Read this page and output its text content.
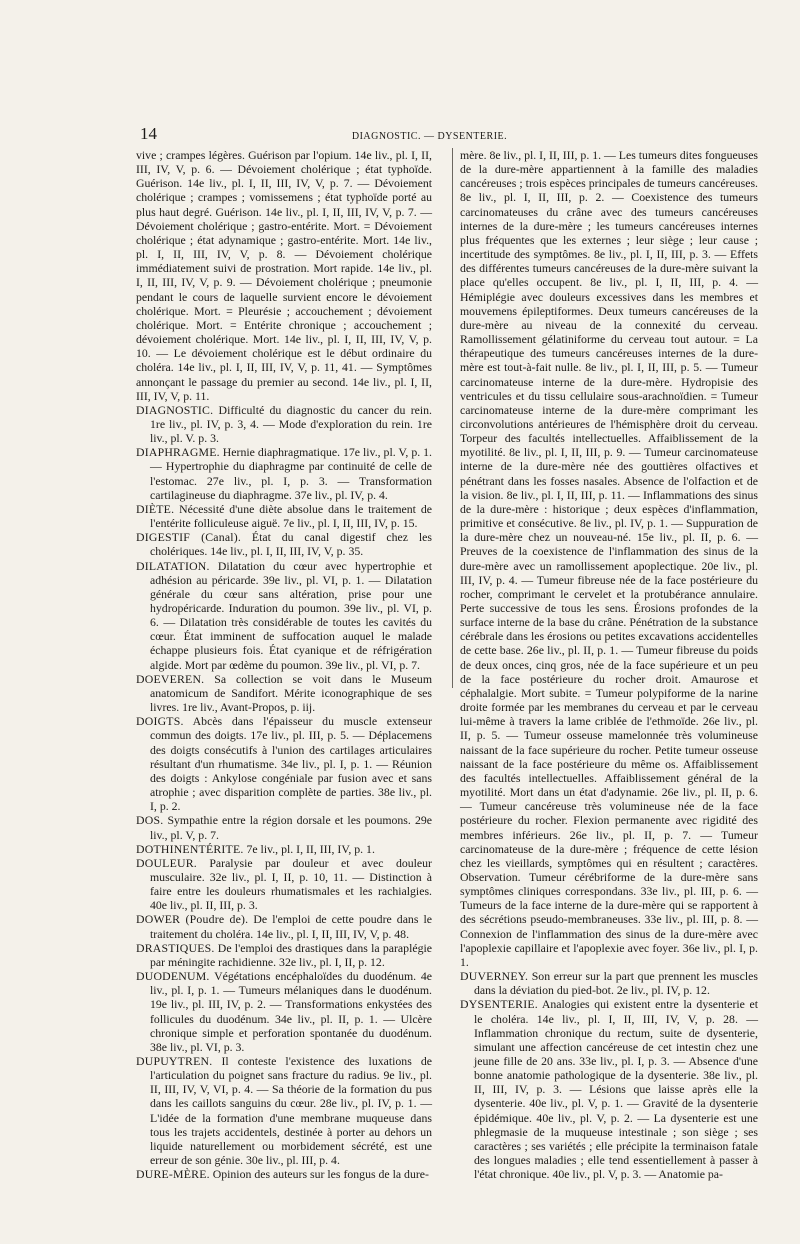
14	DIAGNOSTIC. — DYSENTERIE.

vive ; crampes légères. Guérison par l'opium. 14e liv., pl. I, II, III, IV, V, p. 6. — Dévoiement cholérique ; état typhoïde. Guérison. 14e liv., pl. I, II, III, IV, V, p. 7. — Dévoiement cholérique ; crampes ; vomissemens ; état typhoïde porté au plus haut degré. Guérison. 14e liv., pl. I, II, III, IV, V, p. 7. — Dévoiement cholérique ; gastro-entérite. Mort. = Dévoiement cholérique ; état adynamique ; gastro-entérite. Mort. 14e liv., pl. I, II, III, IV, V, p. 8. — Dévoiement cholérique immédiatement suivi de prostration. Mort rapide. 14e liv., pl. I, II, III, IV, V, p. 9. — Dévoiement cholérique ; pneumonie pendant le cours de laquelle survient encore le dévoiement cholérique. Mort. = Pleurésie ; accouchement ; dévoiement cholérique. Mort. = Entérite chronique ; accouchement ; dévoiement cholérique. Mort. 14e liv., pl. I, II, III, IV, V, p. 10. — Le dévoiement cholérique est le début ordinaire du choléra. 14e liv., pl. I, II, III, IV, V, p. 11, 41. — Symptômes annonçant le passage du premier au second. 14e liv., pl. I, II, III, IV, V, p. 11.

DIAGNOSTIC. Difficulté du diagnostic du cancer du rein. 1re liv., pl. IV, p. 3, 4. — Mode d'exploration du rein. 1re liv., pl. V. p. 3.

DIAPHRAGME. Hernie diaphragmatique. 17e liv., pl. V, p. 1. — Hypertrophie du diaphragme par continuité de celle de l'estomac. 27e liv., pl. I, p. 3. — Transformation cartilagineuse du diaphragme. 37e liv., pl. IV, p. 4.

DIÈTE. Nécessité d'une diète absolue dans le traitement de l'entérite folliculeuse aiguë. 7e liv., pl. I, II, III, IV, p. 15.

DIGESTIF (Canal). État du canal digestif chez les cholériques. 14e liv., pl. I, II, III, IV, V, p. 35.

DILATATION. Dilatation du cœur avec hypertrophie et adhésion au péricarde. 39e liv., pl. VI, p. 1. — Dilatation générale du cœur sans altération, prise pour une hydropéricarde. Induration du poumon. 39e liv., pl. VI, p. 6. — Dilatation très considérable de toutes les cavités du cœur. État imminent de suffocation auquel le malade échappe plusieurs fois. État cyanique et de réfrigération algide. Mort par œdème du poumon. 39e liv., pl. VI, p. 7.

DOEVEREN. Sa collection se voit dans le Museum anatomicum de Sandifort. Mérite iconographique de ses livres. 1re liv., Avant-Propos, p. iij.

DOIGTS. Abcès dans l'épaisseur du muscle extenseur commun des doigts. 17e liv., pl. III, p. 5. — Déplacemens des doigts consécutifs à l'union des cartilages articulaires résultant d'un rhumatisme. 34e liv., pl. I, p. 1. — Réunion des doigts : Ankylose congéniale par fusion avec et sans atrophie ; avec disparition complète de parties. 38e liv., pl. I, p. 2.

DOS. Sympathie entre la région dorsale et les poumons. 29e liv., pl. V, p. 7.

DOTHINENTÉRITE. 7e liv., pl. I, II, III, IV, p. 1.

DOULEUR. Paralysie par douleur et avec douleur musculaire. 32e liv., pl. I, II, p. 10, 11. — Distinction à faire entre les douleurs rhumatismales et les rachialgies. 40e liv., pl. II, III, p. 3.

DOWER (Poudre de). De l'emploi de cette poudre dans le traitement du choléra. 14e liv., pl. I, II, III, IV, V, p. 48.

DRASTIQUES. De l'emploi des drastiques dans la paraplégie par méningite rachidienne. 32e liv., pl. I, II, p. 12.

DUODENUM. Végétations encéphaloïdes du duodénum. 4e liv., pl. I, p. 1. — Tumeurs mélaniques dans le duodénum. 19e liv., pl. III, IV, p. 2. — Transformations enkystées des follicules du duodénum. 34e liv., pl. II, p. 1. — Ulcère chronique simple et perforation spontanée du duodénum. 38e liv., pl. VI, p. 3.

DUPUYTREN. Il conteste l'existence des luxations de l'articulation du poignet sans fracture du radius. 9e liv., pl. II, III, IV, V, VI, p. 4. — Sa théorie de la formation du pus dans les caillots sanguins du cœur. 28e liv., pl. IV, p. 1. — L'idée de la formation d'une membrane muqueuse dans tous les trajets accidentels, destinée à porter au dehors un liquide naturellement ou morbidement sécrété, est une erreur de son génie. 30e liv., pl. III, p. 4.

DURE-MÈRE. Opinion des auteurs sur les fongus de la dure-

mère. 8e liv., pl. I, II, III, p. 1. — Les tumeurs dites fongueuses de la dure-mère appartiennent à la famille des maladies cancéreuses ; trois espèces principales de tumeurs cancéreuses. 8e liv., pl. I, II, III, p. 2. — Coexistence des tumeurs carcinomateuses du crâne avec des tumeurs cancéreuses internes de la dure-mère ; les tumeurs cancéreuses internes plus fréquentes que les externes ; leur siège ; leur cause ; incertitude des symptômes. 8e liv., pl. I, II, III, p. 3. — Effets des différentes tumeurs cancéreuses de la dure-mère suivant la place qu'elles occupent. 8e liv., pl. I, II, III, p. 4. — Hémiplégie avec douleurs excessives dans les membres et mouvemens épileptiformes. Deux tumeurs cancéreuses de la dure-mère au niveau de la connexité du cerveau. Ramollissement gélatiniforme du cerveau tout autour. = La thérapeutique des tumeurs cancéreuses internes de la dure-mère est tout-à-fait nulle. 8e liv., pl. I, II, III, p. 5. — Tumeur carcinomateuse interne de la dure-mère. Hydropisie des ventricules et du tissu cellulaire sous-arachnoïdien. = Tumeur carcinomateuse interne de la dure-mère comprimant les circonvolutions antérieures de l'hémisphère droit du cerveau. Torpeur des facultés intellectuelles. Affaiblissement de la myotilité. 8e liv., pl. I, II, III, p. 9. — Tumeur carcinomateuse interne de la dure-mère née des gouttières olfactives et pénétrant dans les fosses nasales. Absence de l'olfaction et de la vision. 8e liv., pl. I, II, III, p. 11. — Inflammations des sinus de la dure-mère : historique ; deux espèces d'inflammation, primitive et consécutive. 8e liv., pl. IV, p. 1. — Suppuration de la dure-mère chez un nouveau-né. 15e liv., pl. II, p. 6. — Preuves de la coexistence de l'inflammation des sinus de la dure-mère avec un ramollissement apoplectique. 20e liv., pl. III, IV, p. 4. — Tumeur fibreuse née de la face postérieure du rocher, comprimant le cervelet et la protubérance annulaire. Perte successive de tous les sens. Érosions profondes de la surface interne de la base du crâne. Pénétration de la substance cérébrale dans les érosions ou petites excavations accidentelles de cette base. 26e liv., pl. II, p. 1. — Tumeur fibreuse du poids de deux onces, cinq gros, née de la face supérieure et un peu de la face postérieure du rocher droit. Amaurose et céphalalgie. Mort subite. = Tumeur polypiforme de la narine droite formée par les membranes du cerveau et par le cerveau lui-même à travers la lame criblée de l'ethmoïde. 26e liv., pl. II, p. 5. — Tumeur osseuse mamelonnée très volumineuse naissant de la face supérieure du rocher. Petite tumeur osseuse naissant de la face postérieure du même os. Affaiblissement des facultés intellectuelles. Affaiblissement général de la myotilité. Mort dans un état d'adynamie. 26e liv., pl. II, p. 6. — Tumeur cancéreuse très volumineuse née de la face postérieure du rocher. Flexion permanente avec rigidité des membres inférieurs. 26e liv., pl. II, p. 7. — Tumeur carcinomateuse de la dure-mère ; fréquence de cette lésion chez les vieillards, symptômes qui en résultent ; caractères. Observation. Tumeur cérébriforme de la dure-mère sans symptômes cliniques correspondans. 33e liv., pl. III, p. 6. — Tumeurs de la face interne de la dure-mère qui se rapportent à des sécrétions pseudo-membraneuses. 33e liv., pl. III, p. 8. — Connexion de l'inflammation des sinus de la dure-mère avec l'apoplexie capillaire et l'apoplexie avec foyer. 36e liv., pl. I, p. 1.

DUVERNEY. Son erreur sur la part que prennent les muscles dans la déviation du pied-bot. 2e liv., pl. IV, p. 12.

DYSENTERIE. Analogies qui existent entre la dysenterie et le choléra. 14e liv., pl. I, II, III, IV, V, p. 28. — Inflammation chronique du rectum, suite de dysenterie, simulant une affection cancéreuse de cet intestin chez une jeune fille de 20 ans. 33e liv., pl. I, p. 3. — Absence d'une bonne anatomie pathologique de la dysenterie. 38e liv., pl. II, III, IV, p. 3. — Lésions que laisse après elle la dysenterie. 40e liv., pl. V, p. 1. — Gravité de la dysenterie épidémique. 40e liv., pl. V, p. 2. — La dysenterie est une phlegmasie de la muqueuse intestinale ; son siège ; ses caractères ; ses variétés ; elle précipite la terminaison fatale des longues maladies ; elle tend essentiellement à passer à l'état chronique. 40e liv., pl. V, p. 3. — Anatomie pa-
